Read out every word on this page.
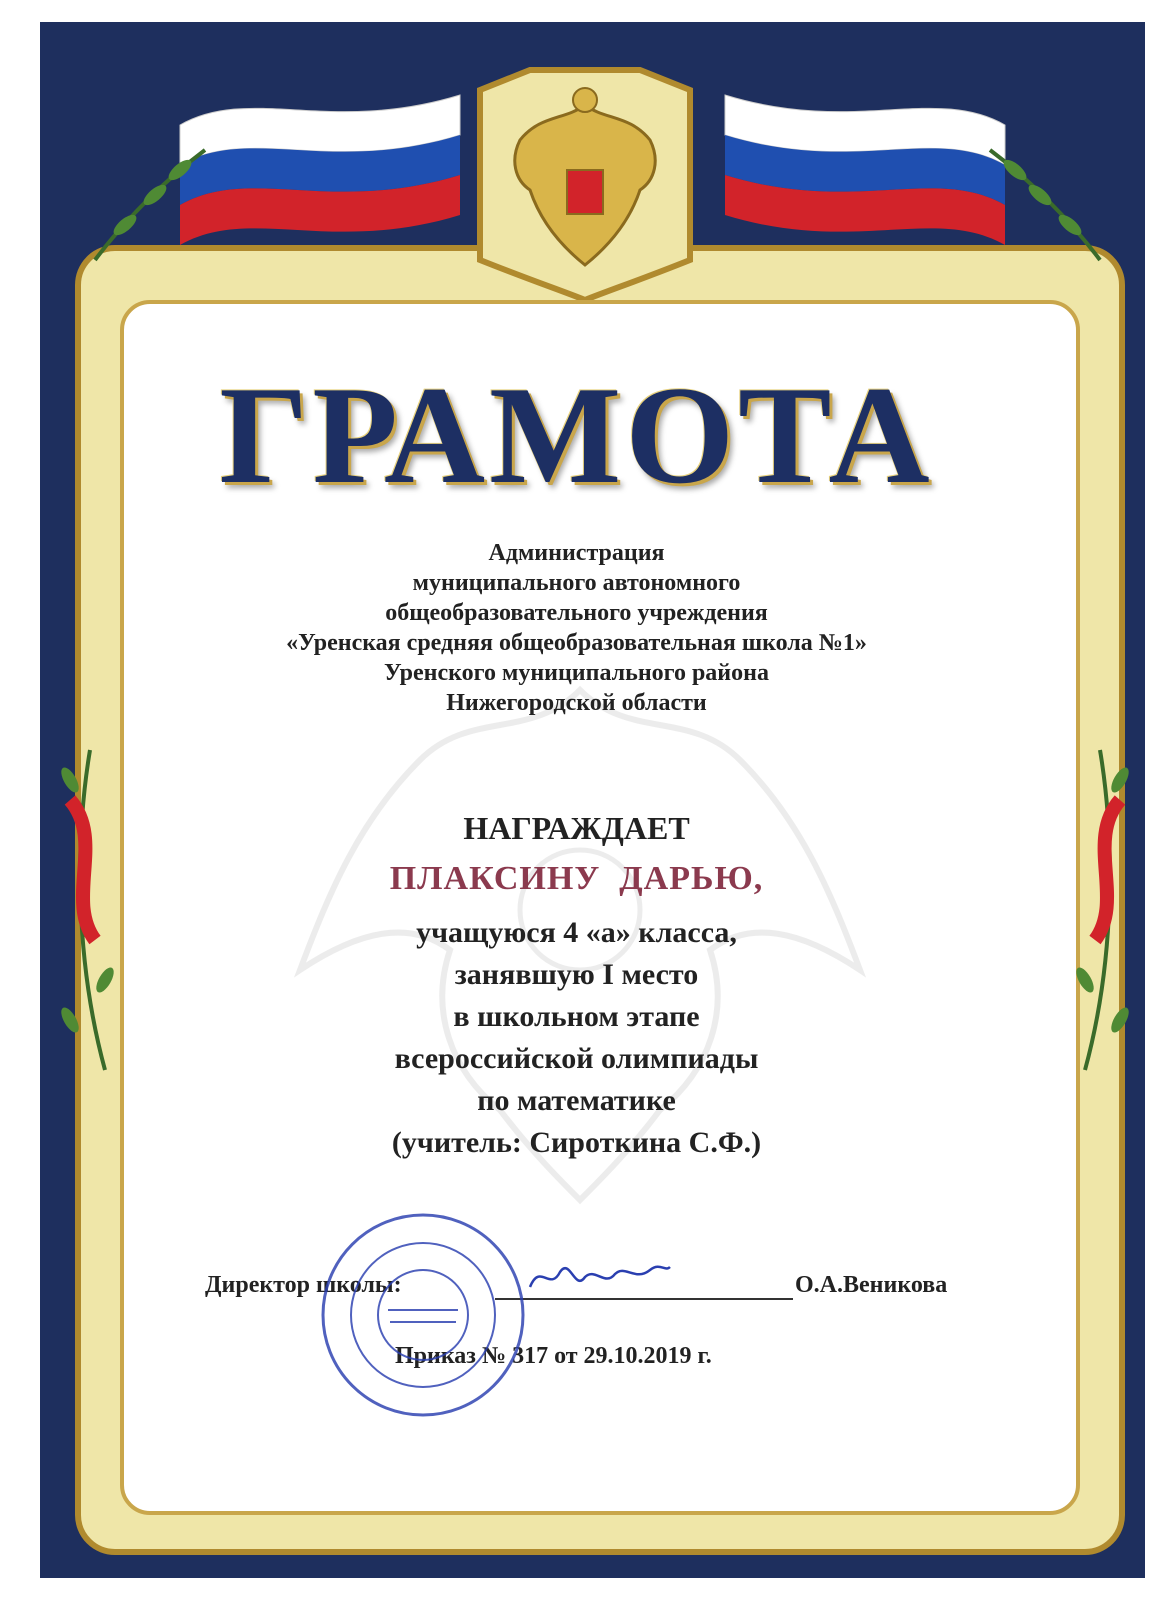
ГРАМОТА
Администрация
муниципального автономного
общеобразовательного учреждения
«Уренская средняя общеобразовательная школа №1»
Уренского муниципального района
Нижегородской области
НАГРАЖДАЕТ
ПЛАКСИНУ  ДАРЬЮ,
учащуюся 4 «а» класса,
занявшую I место
в школьном этапе
всероссийской олимпиады
по математике
(учитель: Сироткина С.Ф.)
Директор школы:	О.А.Веникова
Приказ № 317 от 29.10.2019 г.
